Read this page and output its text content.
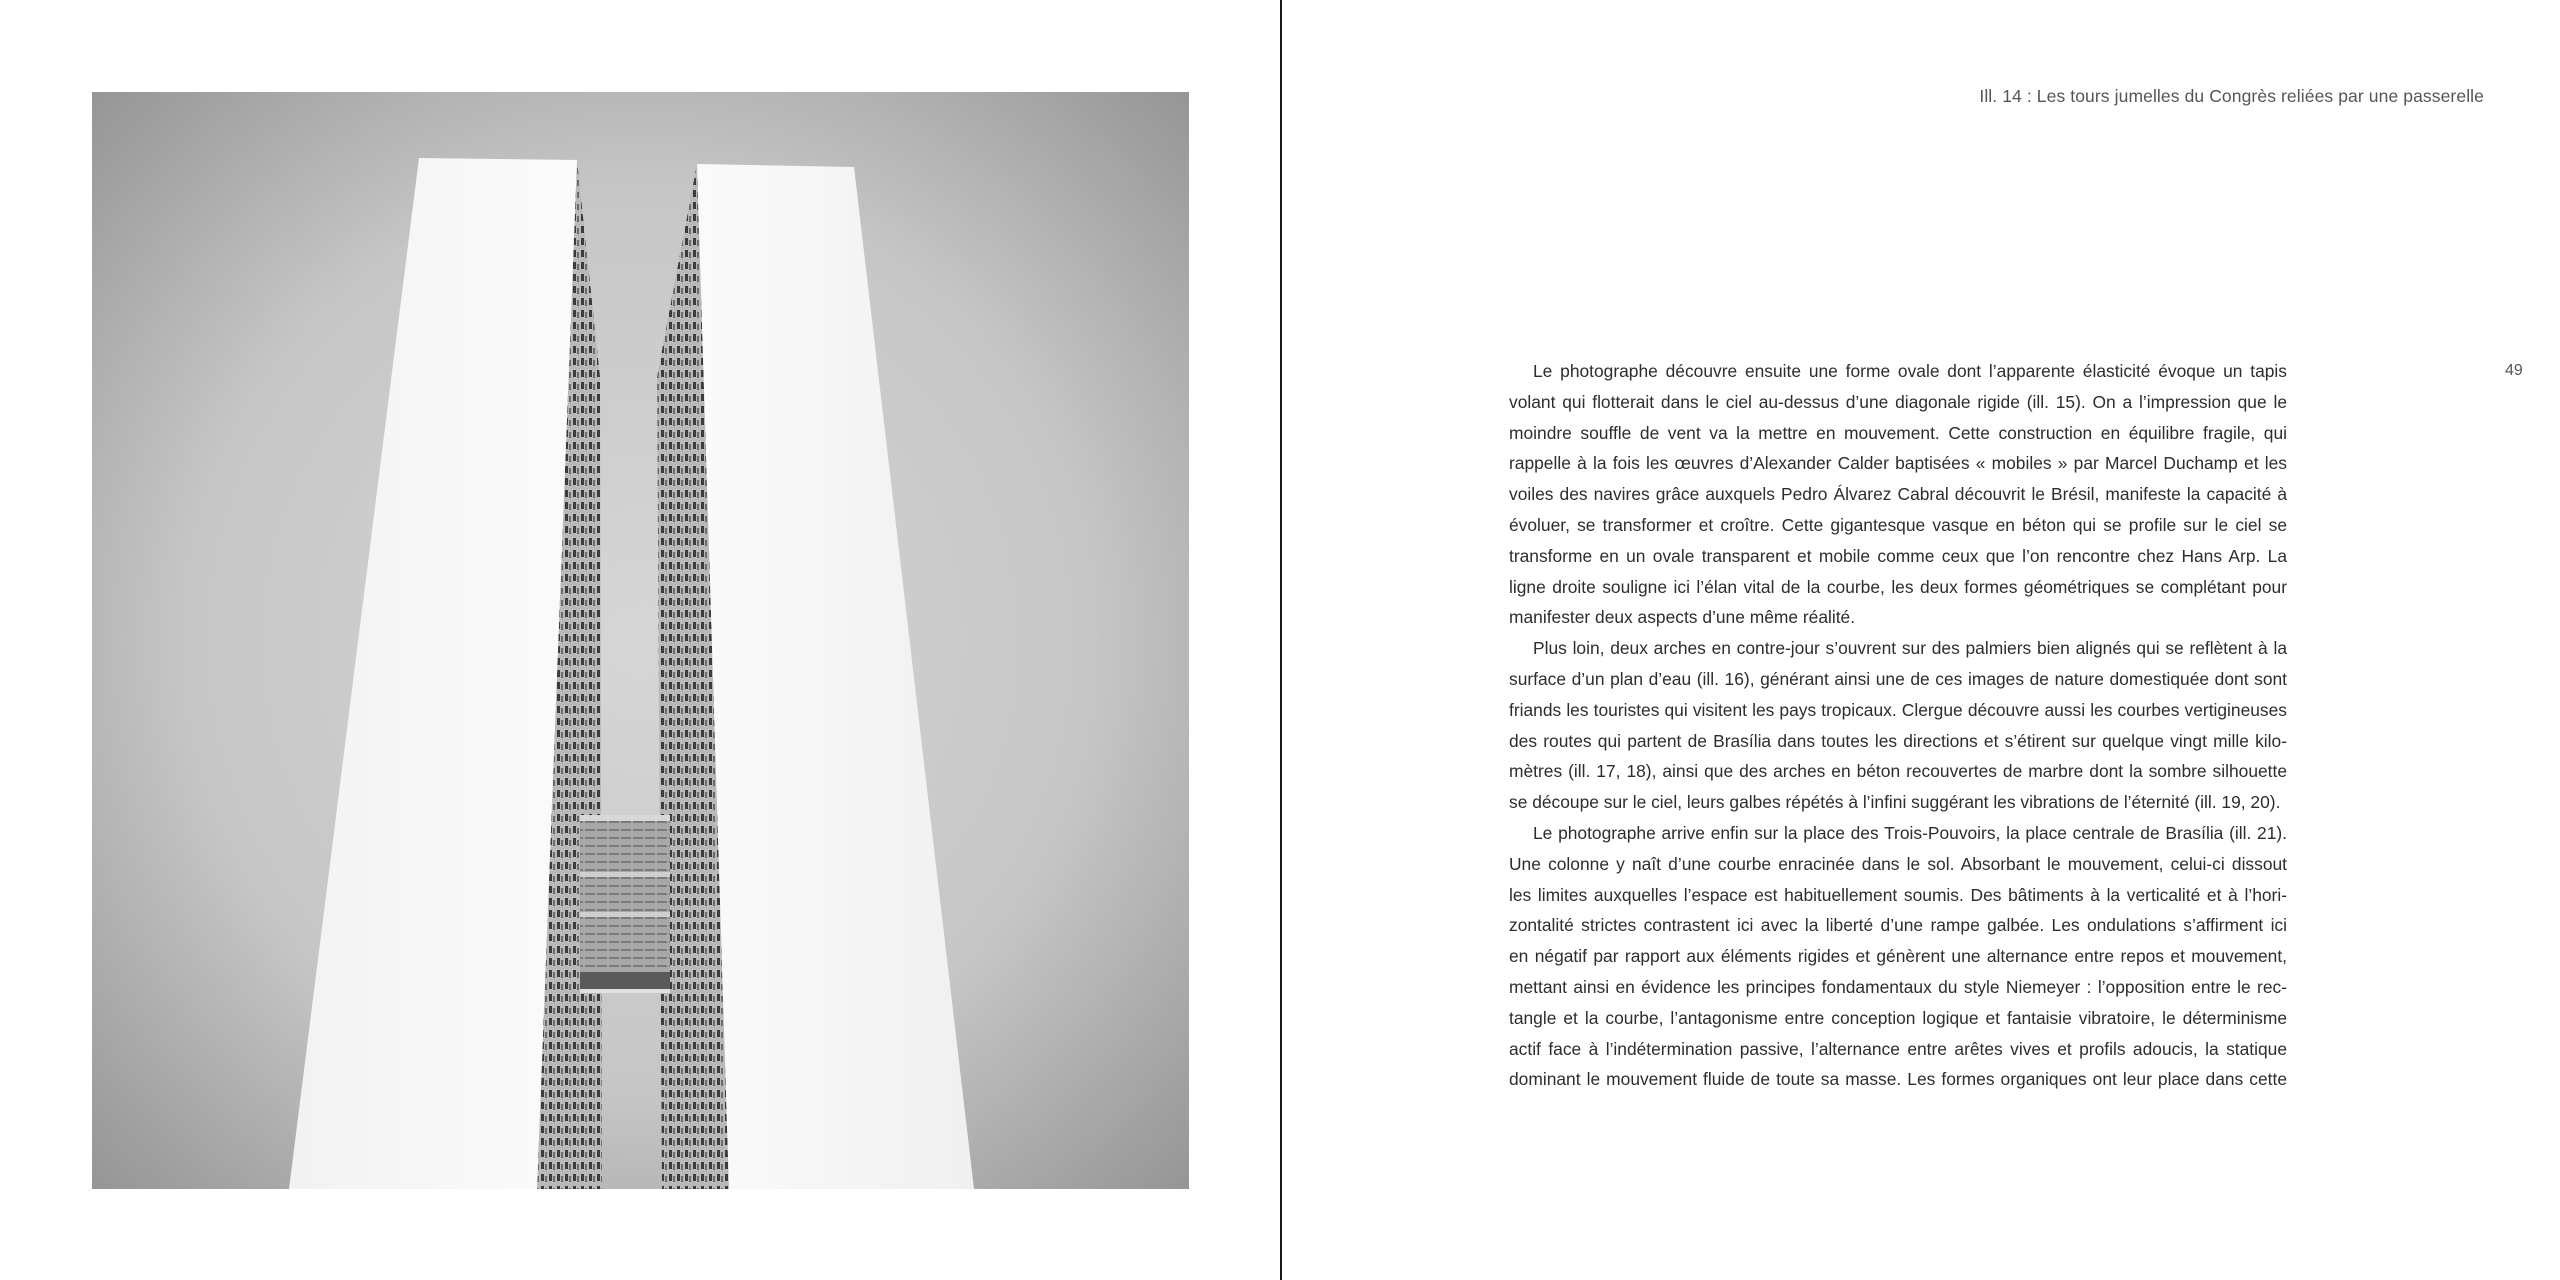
Ill. 14 : Les tours jumelles du Congrès reliées par une passerelle
49

Le photographe découvre ensuite une forme ovale dont l’apparente élasticité évoque un tapis

volant qui flotterait dans le ciel au-dessus d’une diagonale rigide (ill. 15). On a l’impression que le

moindre souffle de vent va la mettre en mouvement. Cette construction en équilibre fragile, qui

rappelle à la fois les œuvres d’Alexander Calder baptisées « mobiles » par Marcel Duchamp et les

voiles des navires grâce auxquels Pedro Álvarez Cabral découvrit le Brésil, manifeste la capacité à

évoluer, se transformer et croître. Cette gigantesque vasque en béton qui se profile sur le ciel se

transforme en un ovale transparent et mobile comme ceux que l’on rencontre chez Hans Arp. La

ligne droite souligne ici l’élan vital de la courbe, les deux formes géométriques se complétant pour

manifester deux aspects d’une même réalité.

Plus loin, deux arches en contre-jour s’ouvrent sur des palmiers bien alignés qui se reflètent à la

surface d’un plan d’eau (ill. 16), générant ainsi une de ces images de nature domestiquée dont sont

friands les touristes qui visitent les pays tropicaux. Clergue découvre aussi les courbes vertigineuses

des routes qui partent de Brasília dans toutes les directions et s’étirent sur quelque vingt mille kilo-

mètres (ill. 17, 18), ainsi que des arches en béton recouvertes de marbre dont la sombre silhouette

se découpe sur le ciel, leurs galbes répétés à l’infini suggérant les vibrations de l’éternité (ill. 19, 20).

Le photographe arrive enfin sur la place des Trois-Pouvoirs, la place centrale de Brasília (ill. 21).

Une colonne y naît d’une courbe enracinée dans le sol. Absorbant le mouvement, celui-ci dissout

les limites auxquelles l’espace est habituellement soumis. Des bâtiments à la verticalité et à l’hori-

zontalité strictes contrastent ici avec la liberté d’une rampe galbée. Les ondulations s’affirment ici

en négatif par rapport aux éléments rigides et génèrent une alternance entre repos et mouvement,

mettant ainsi en évidence les principes fondamentaux du style Niemeyer : l’opposition entre le rec-

tangle et la courbe, l’antagonisme entre conception logique et fantaisie vibratoire, le déterminisme

actif face à l’indétermination passive, l’alternance entre arêtes vives et profils adoucis, la statique

dominant le mouvement fluide de toute sa masse. Les formes organiques ont leur place dans cette
